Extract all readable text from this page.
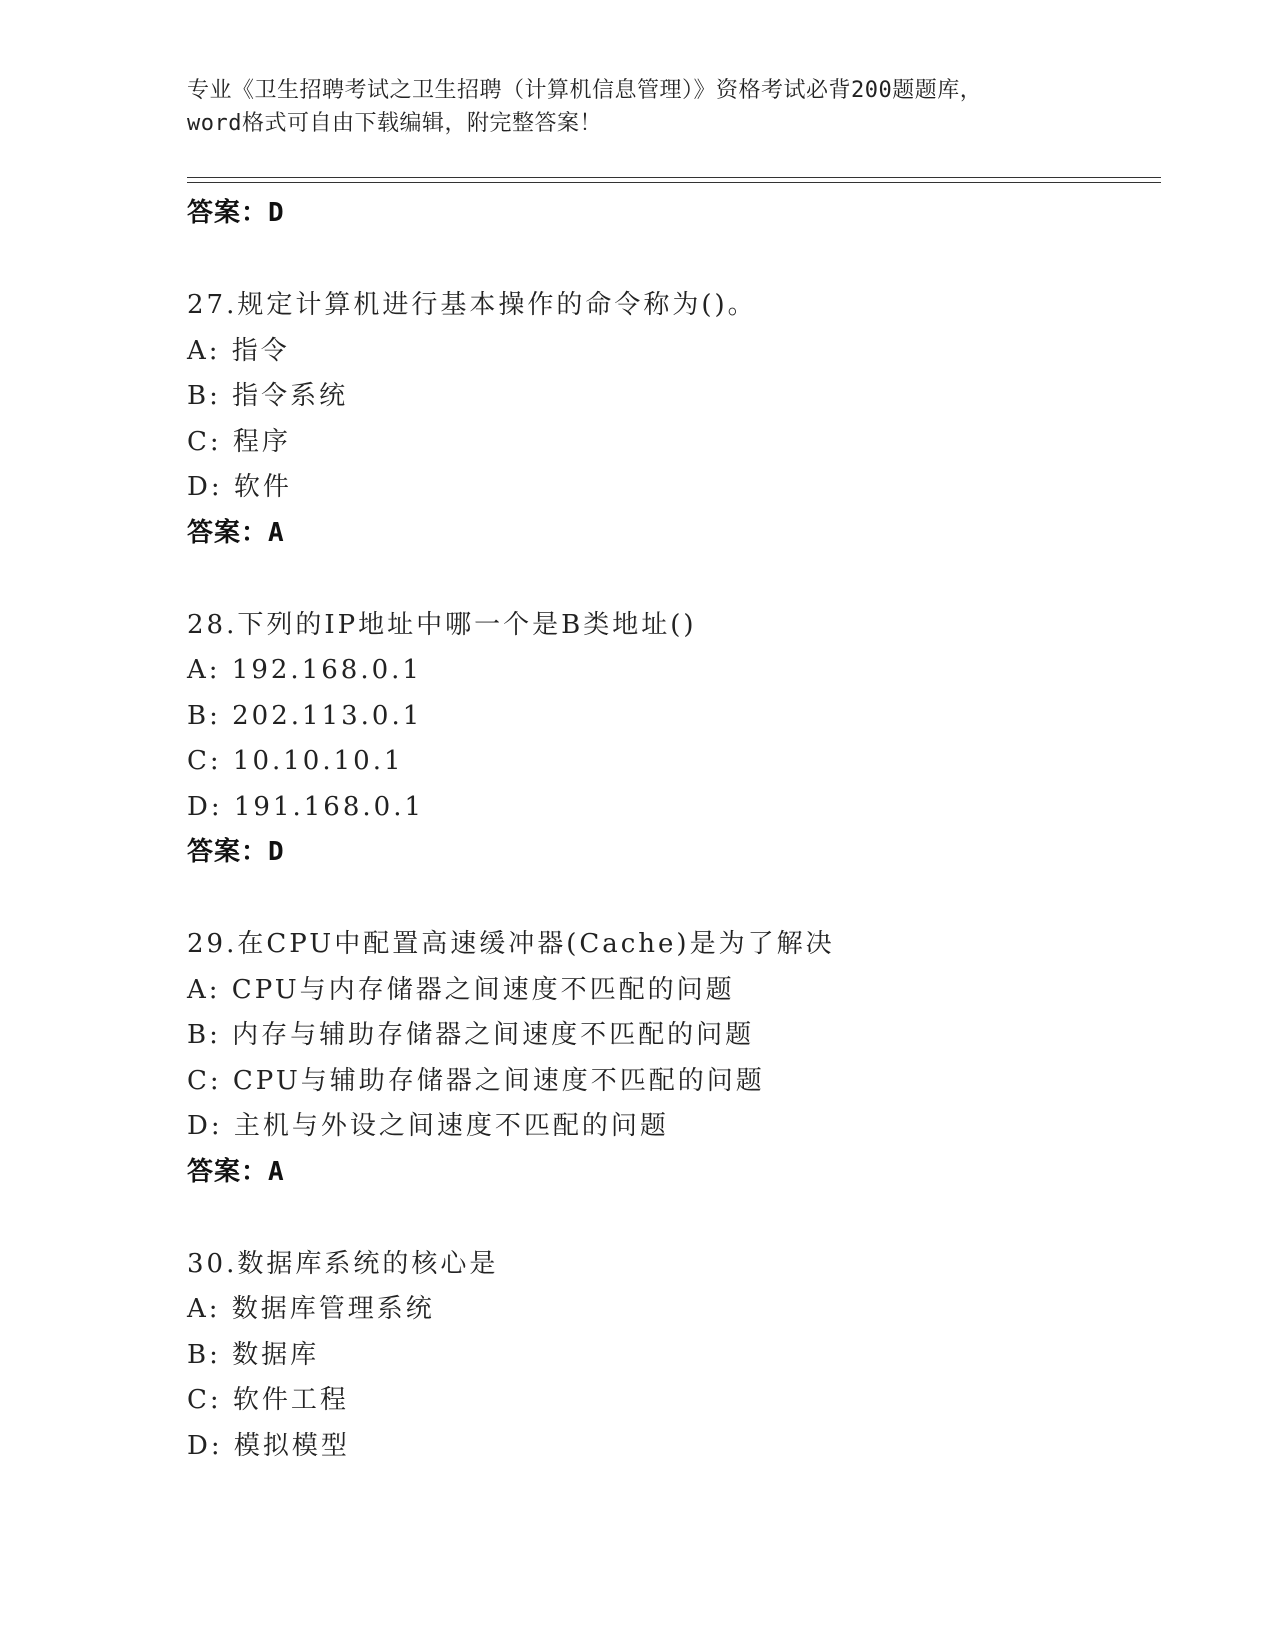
专业《卫生招聘考试之卫生招聘（计算机信息管理）》资格考试必背200题题库，
word格式可自由下载编辑，附完整答案！
答案：D
27.规定计算机进行基本操作的命令称为()。
A: 指令
B: 指令系统
C: 程序
D: 软件
答案：A
28.下列的IP地址中哪一个是B类地址()
A: 192.168.0.1
B: 202.113.0.1
C: 10.10.10.1
D: 191.168.0.1
答案：D
29.在CPU中配置高速缓冲器(Cache)是为了解决
A: CPU与内存储器之间速度不匹配的问题
B: 内存与辅助存储器之间速度不匹配的问题
C: CPU与辅助存储器之间速度不匹配的问题
D: 主机与外设之间速度不匹配的问题
答案：A
30.数据库系统的核心是
A: 数据库管理系统
B: 数据库
C: 软件工程
D: 模拟模型
